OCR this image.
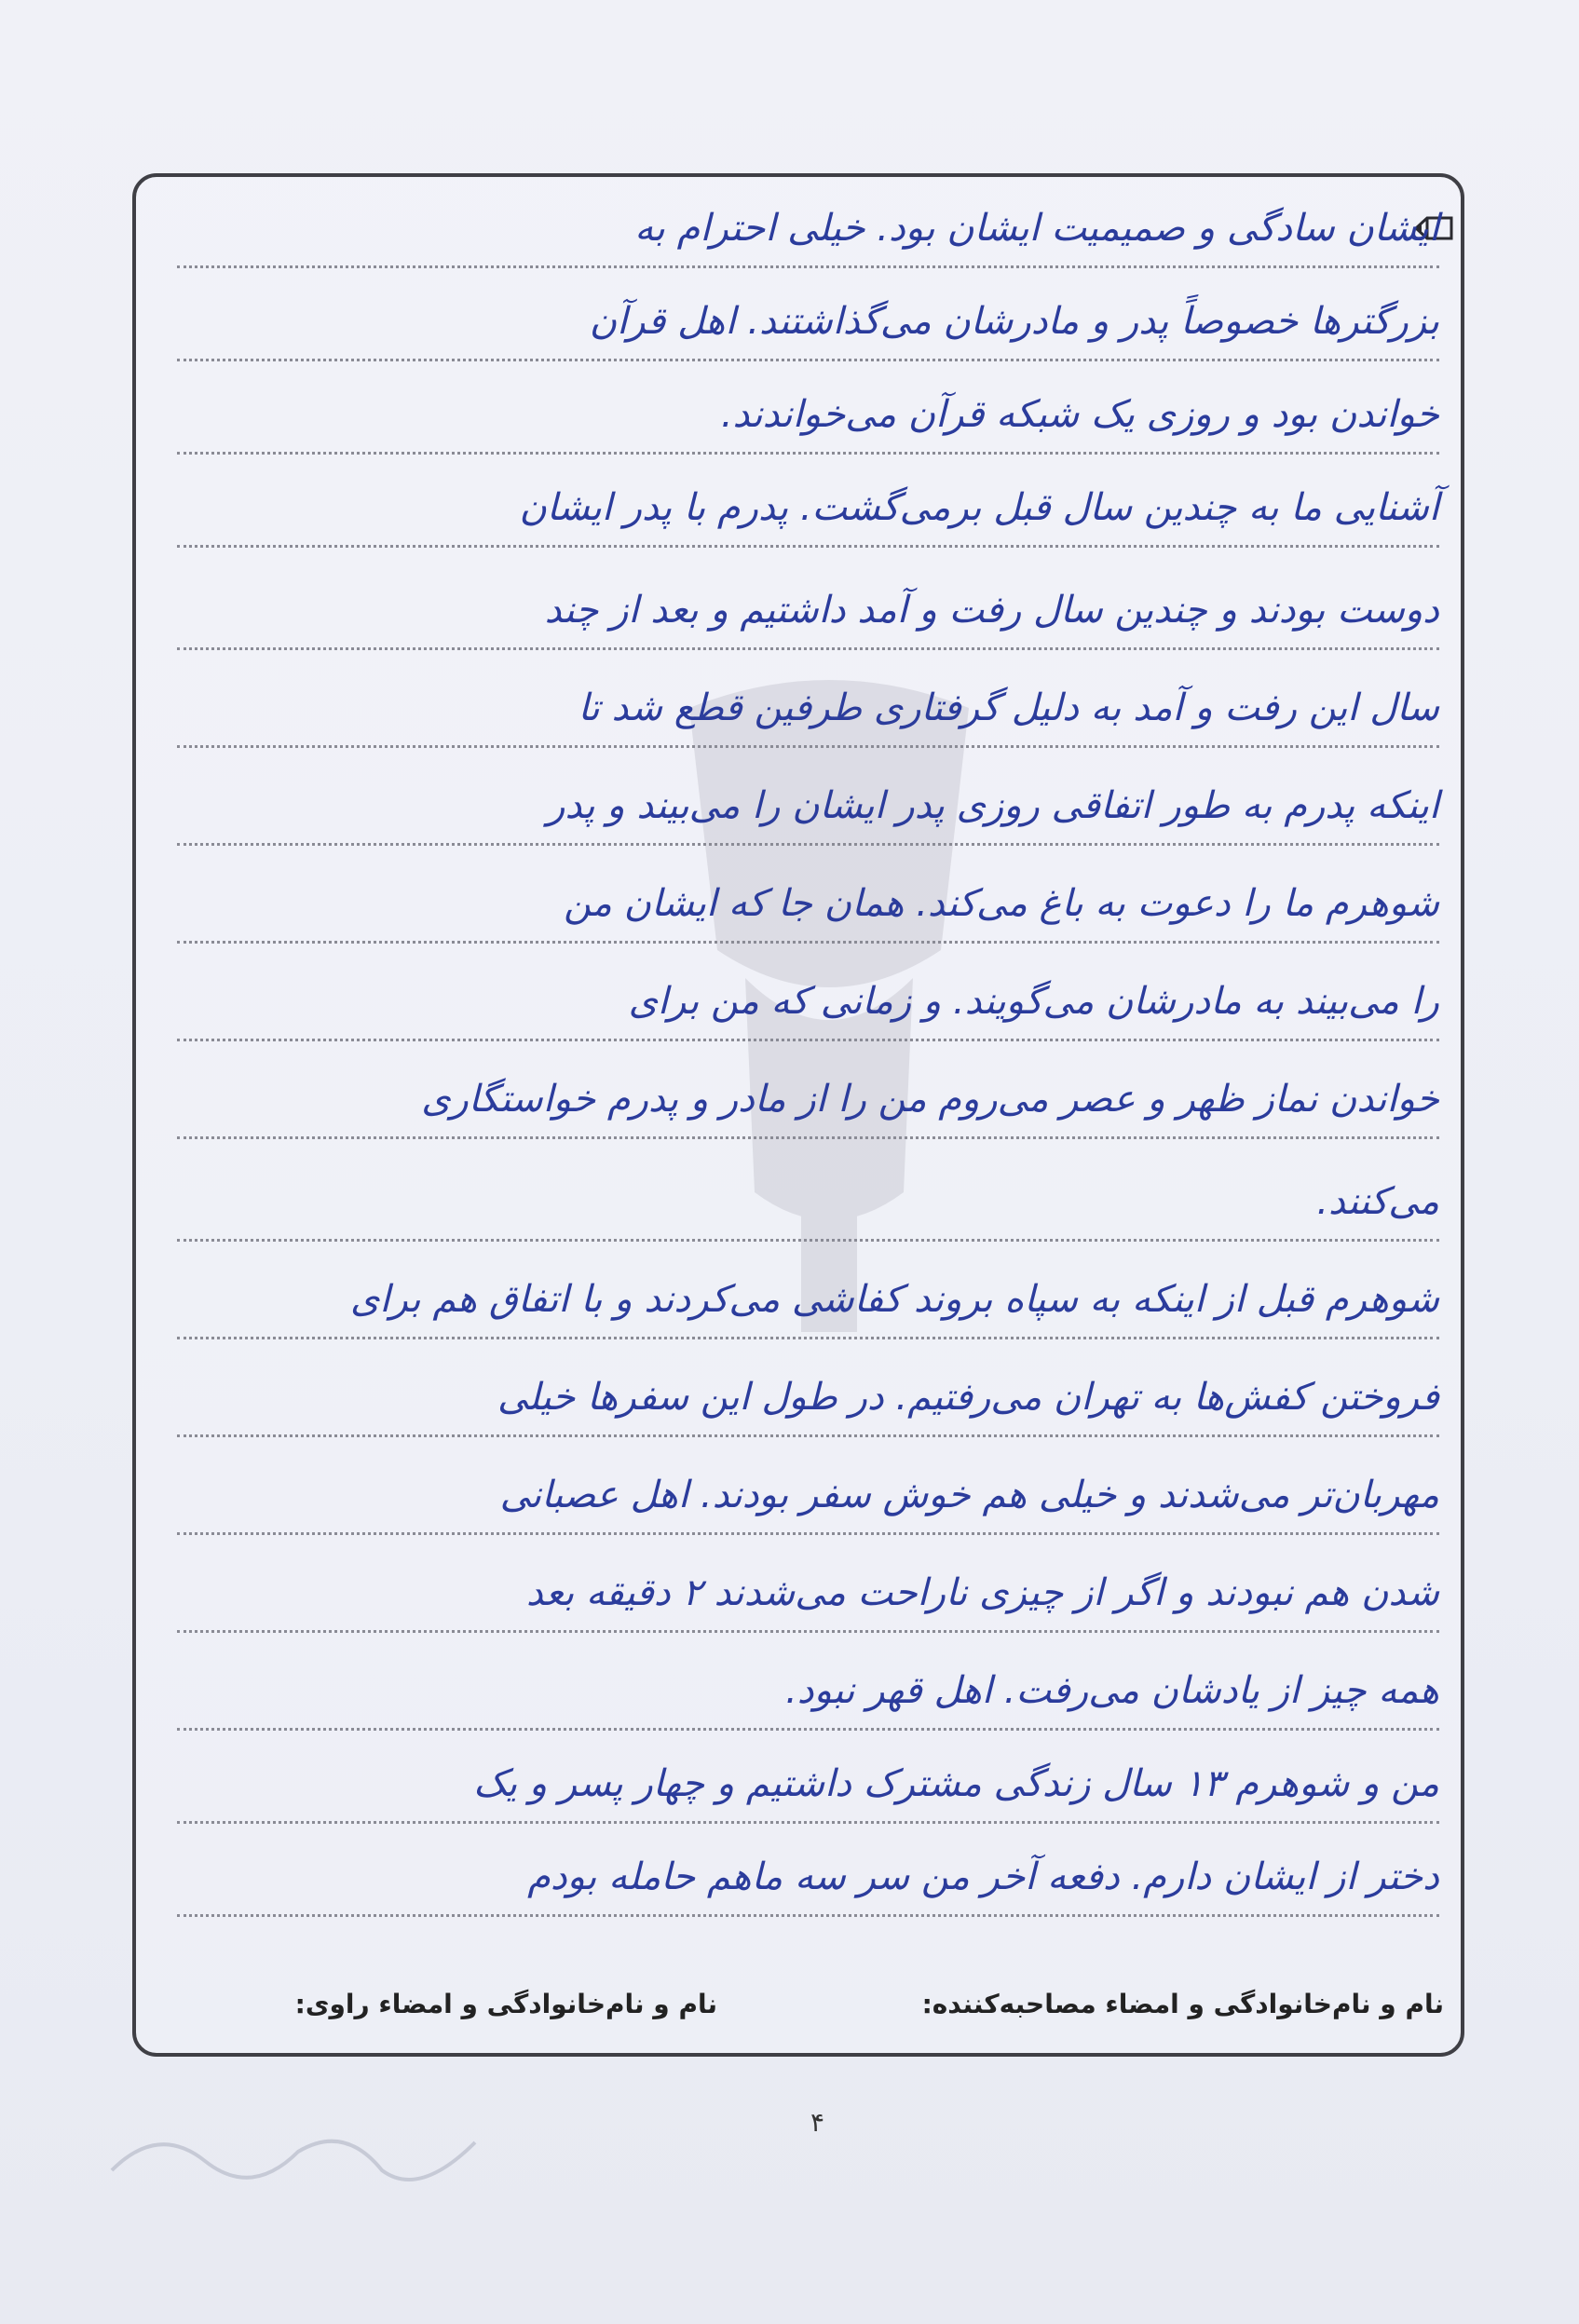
ایشان سادگی و صمیمیت ایشان بود. خیلی احترام به
بزرگترها خصوصاً پدر و مادرشان می‌گذاشتند. اهل قرآن
خواندن بود و روزی یک شبکه قرآن می‌خواندند.
آشنایی ما به چندین سال قبل برمی‌گشت. پدرم با پدر ایشان
دوست بودند و چندین سال رفت و آمد داشتیم و بعد از چند
سال این رفت و آمد به دلیل گرفتاری طرفین قطع شد تا
اینکه پدرم به طور اتفاقی روزی پدر ایشان را می‌بیند و پدر
شوهرم ما را دعوت به باغ می‌کند. همان جا که ایشان من
را می‌بیند به مادرشان می‌گویند. و زمانی که من برای
خواندن نماز ظهر و عصر می‌روم من را از مادر و پدرم خواستگاری
می‌کنند.
شوهرم قبل از اینکه به سپاه بروند کفاشی می‌کردند و با اتفاق هم برای
فروختن کفش‌ها به تهران می‌رفتیم. در طول این سفرها خیلی
مهربان‌تر می‌شدند و خیلی هم خوش سفر بودند. اهل عصبانی
شدن هم نبودند و اگر از چیزی ناراحت می‌شدند ۲ دقیقه بعد
همه چیز از یادشان می‌رفت. اهل قهر نبود.
من و شوهرم ۱۳ سال زندگی مشترک داشتیم و چهار پسر و یک
دختر از ایشان دارم. دفعه آخر من سر سه ماهم حامله بودم
نام و نام‌خانوادگی و امضاء مصاحبه‌کننده:
نام و نام‌خانوادگی و امضاء راوی:
۴
